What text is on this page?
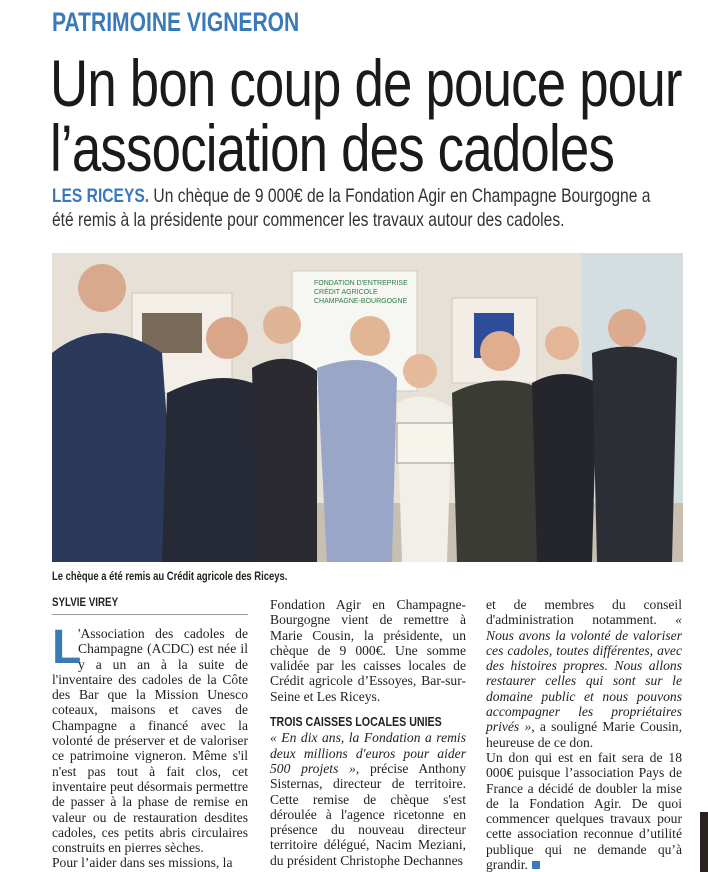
PATRIMOINE VIGNERON
Un bon coup de pouce pour
l’association des cadoles
LES RICEYS. Un chèque de 9 000€ de la Fondation Agir en Champagne Bourgogne a
été remis à la présidente pour commencer les travaux autour des cadoles.
FONDATION D'ENTREPRISE CRÉDIT AGRICOLE CHAMPAGNE-BOURGOGNE
Le chèque a été remis au Crédit agricole des Riceys.
SYLVIE VIREY
L

'Association des cadoles de Champagne (ACDC) est née il y a un an à la suite de l'inventaire des cadoles de la Côte des Bar que la Mission Unesco coteaux, maisons et caves de Champagne a financé avec la volonté de préserver et de valoriser ce patrimoine vigneron. Même s'il n'est pas tout à fait clos, cet inventaire peut désormais permettre de passer à la phase de remise en valeur ou de restauration desdites cadoles, ces petits abris circulaires construits en pierres sèches.

Pour l’aider dans ses missions, la

Fondation Agir en Champagne-Bourgogne vient de remettre à Marie Cousin, la présidente, un chèque de 9 000€. Une somme validée par les caisses locales de Crédit agricole d’Essoyes, Bar-sur-Seine et Les Riceys.

TROIS CAISSES LOCALES UNIES

« En dix ans, la Fondation a remis deux millions d'euros pour aider 500 projets », précise Anthony Sisternas, directeur de territoire. Cette remise de chèque s'est déroulée à l'agence ricetonne en présence du nouveau directeur territoire délégué, Nacim Meziani, du président Christophe Dechannes

et de membres du conseil d'administration notamment. « Nous avons la volonté de valoriser ces cadoles, toutes différentes, avec des histoires propres. Nous allons restaurer celles qui sont sur le domaine public et nous pouvons accompagner les propriétaires privés », a souligné Marie Cousin, heureuse de ce don.

Un don qui est en fait sera de 18 000€ puisque l’association Pays de France a décidé de doubler la mise de la Fondation Agir. De quoi commencer quelques travaux pour cette association reconnue d’utilité publique qui ne demande qu’à grandir.
